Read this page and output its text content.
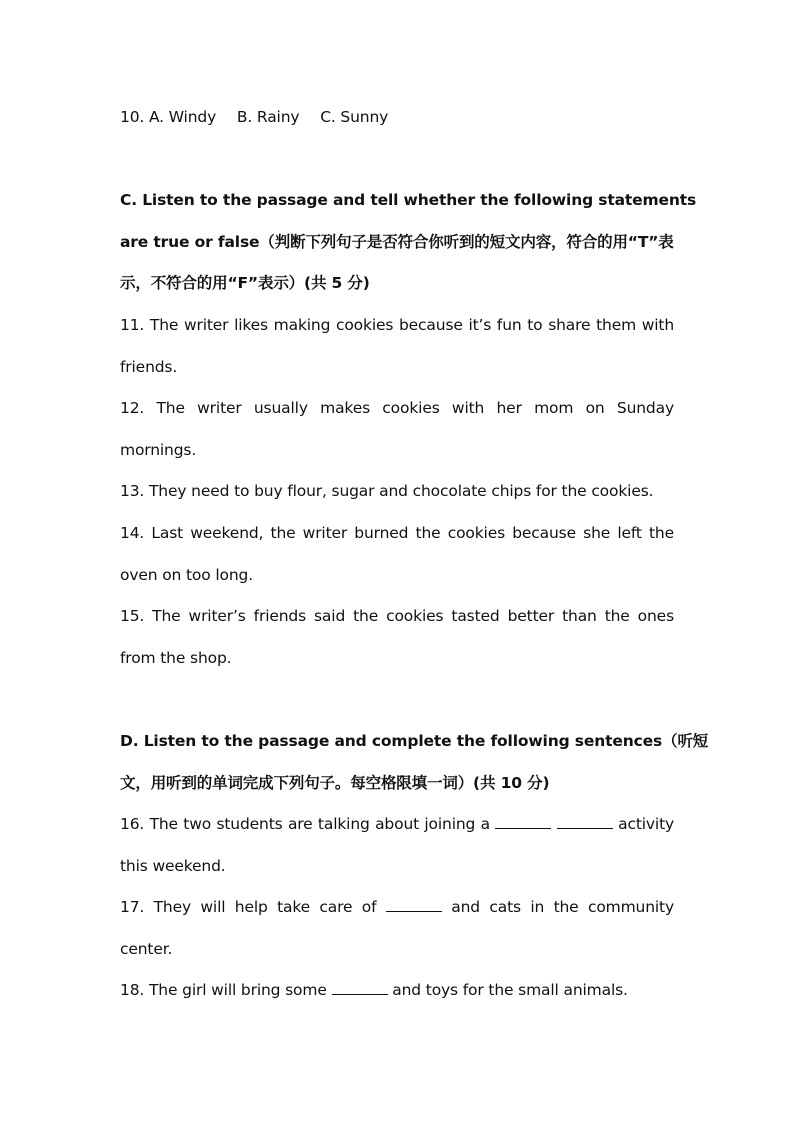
10. A. Windy B. Rainy C. Sunny
C. Listen to the passage and tell whether the following statements
are true or false（判断下列句子是否符合你听到的短文内容，符合的用“T”表
示，不符合的用“F”表示）(共 5 分)
11. The writer likes making cookies because it’s fun to share them with
friends.
12. The writer usually makes cookies with her mom on Sunday
mornings.
13. They need to buy flour, sugar and chocolate chips for the cookies.
14. Last weekend, the writer burned the cookies because she left the
oven on too long.
15. The writer’s friends said the cookies tasted better than the ones
from the shop.
D. Listen to the passage and complete the following sentences（听短
文，用听到的单词完成下列句子。每空格限填一词）(共 10 分)
16. The two students are talking about joining a	activity
this weekend.
17. They will help take care of	and cats in the community
center.
18. The girl will bring some	and toys for the small animals.
